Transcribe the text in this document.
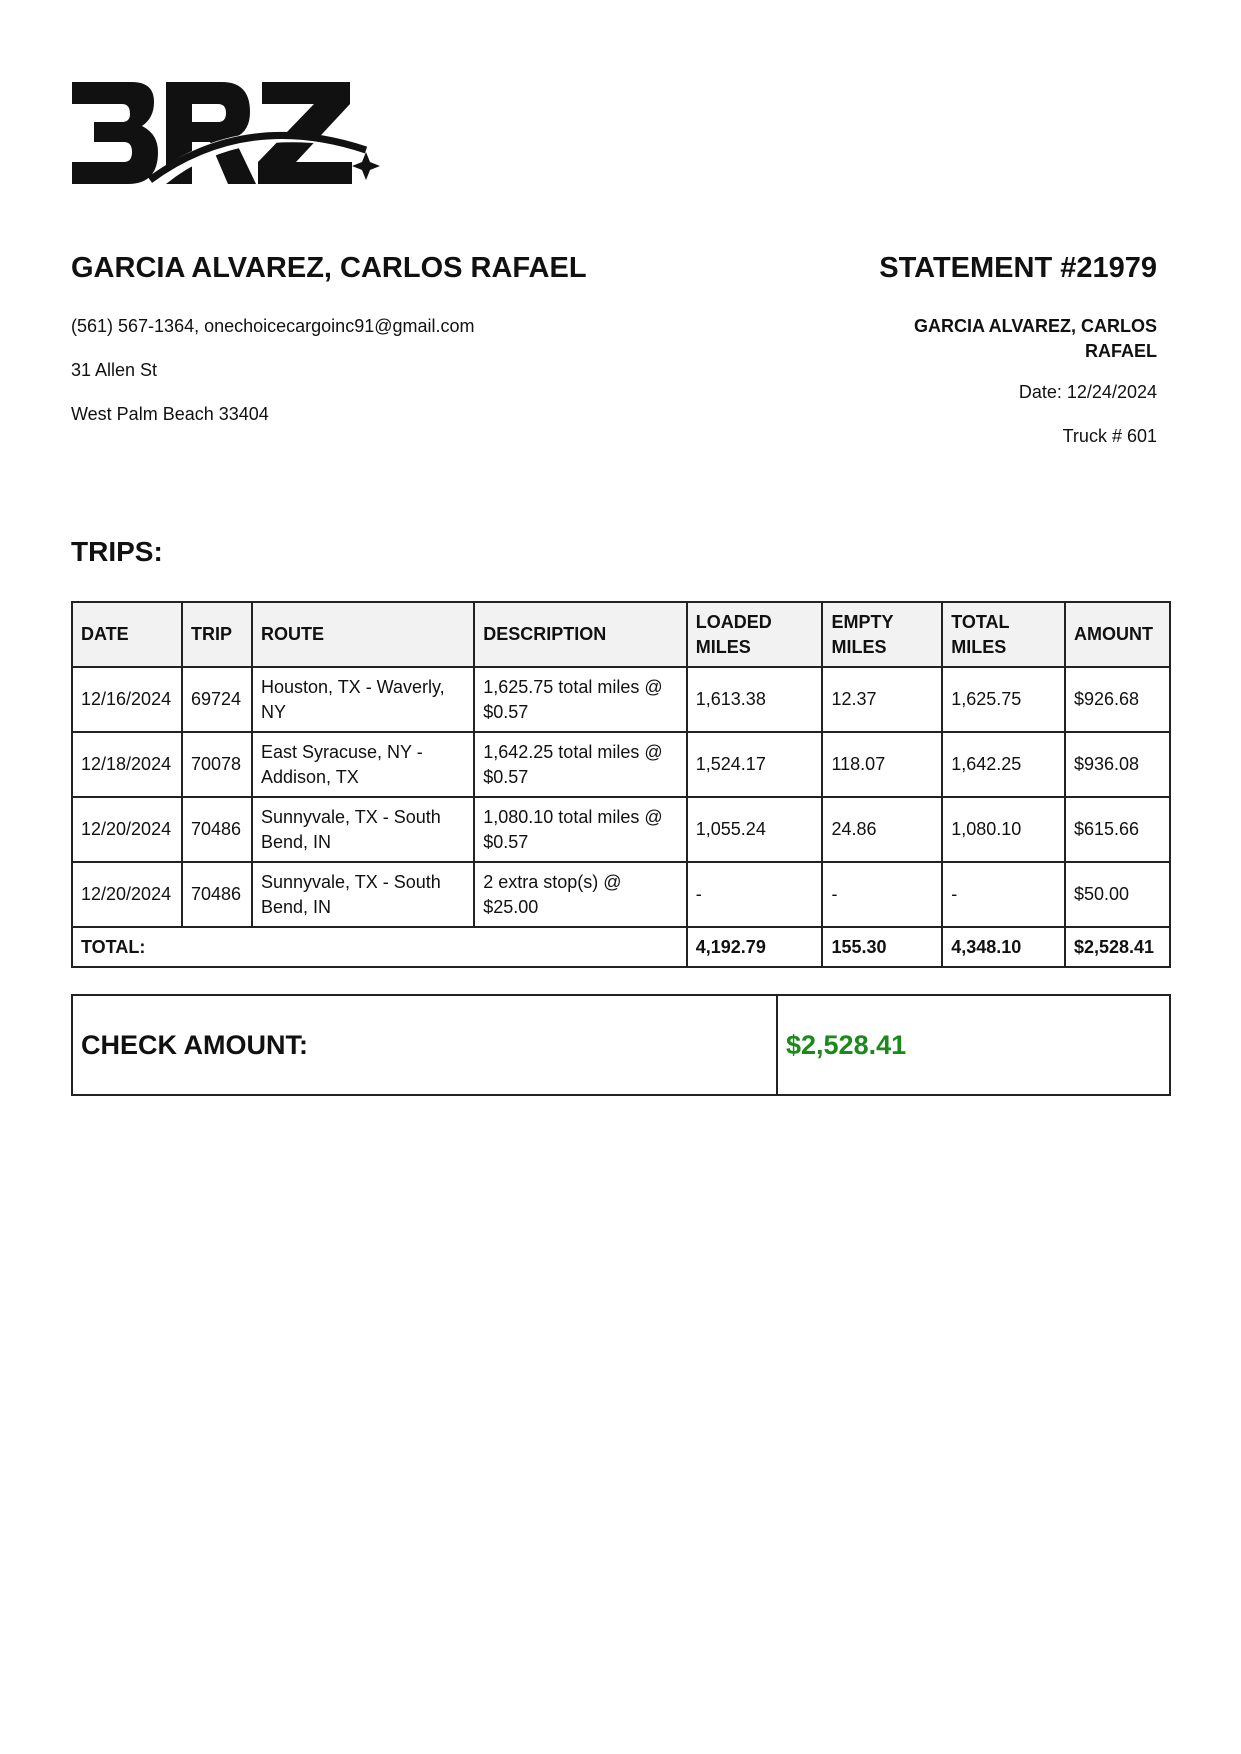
GARCIA ALVAREZ, CARLOS RAFAEL
(561) 567-1364, onechoicecargoinc91@gmail.com
31 Allen St
West Palm Beach 33404
STATEMENT #21979
GARCIA ALVAREZ, CARLOS RAFAEL
Date: 12/24/2024
Truck # 601
TRIPS:
DATE	TRIP	ROUTE	DESCRIPTION	LOADED MILES	EMPTY MILES	TOTAL MILES	AMOUNT
12/16/2024	69724	Houston, TX - Waverly, NY	1,625.75 total miles @ $0.57	1,613.38	12.37	1,625.75	$926.68
12/18/2024	70078	East Syracuse, NY - Addison, TX	1,642.25 total miles @ $0.57	1,524.17	118.07	1,642.25	$936.08
12/20/2024	70486	Sunnyvale, TX - South Bend, IN	1,080.10 total miles @ $0.57	1,055.24	24.86	1,080.10	$615.66
12/20/2024	70486	Sunnyvale, TX - South Bend, IN	2 extra stop(s) @ $25.00	-	-	-	$50.00
TOTAL:				4,192.79	155.30	4,348.10	$2,528.41
CHECK AMOUNT:	$2,528.41
